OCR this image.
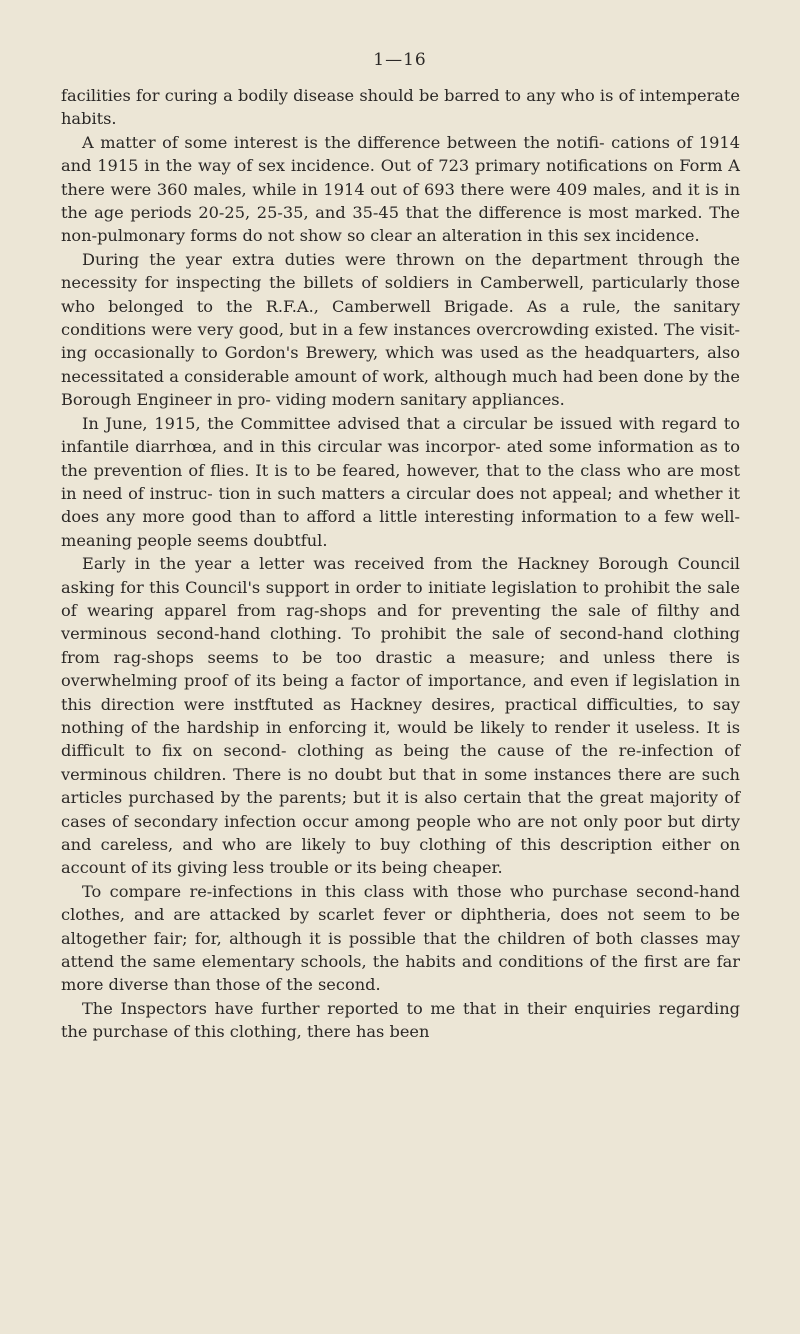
1—16

facilities for curing a bodily disease should be barred to any who is of intemperate habits.

A matter of some interest is the difference between the notifi- cations of 1914 and 1915 in the way of sex incidence. Out of 723 primary notifications on Form A there were 360 males, while in 1914 out of 693 there were 409 males, and it is in the age periods 20-25, 25-35, and 35-45 that the difference is most marked. The non-pulmonary forms do not show so clear an alteration in this sex incidence.

During the year extra duties were thrown on the department through the necessity for inspecting the billets of soldiers in Camberwell, particularly those who belonged to the R.F.A., Camberwell Brigade. As a rule, the sanitary conditions were very good, but in a few instances overcrowding existed. The visit- ing occasionally to Gordon's Brewery, which was used as the headquarters, also necessitated a considerable amount of work, although much had been done by the Borough Engineer in pro- viding modern sanitary appliances.

In June, 1915, the Committee advised that a circular be issued with regard to infantile diarrhœa, and in this circular was incorpor- ated some information as to the prevention of flies. It is to be feared, however, that to the class who are most in need of instruc- tion in such matters a circular does not appeal; and whether it does any more good than to afford a little interesting information to a few well-meaning people seems doubtful.

Early in the year a letter was received from the Hackney Borough Council asking for this Council's support in order to initiate legislation to prohibit the sale of wearing apparel from rag-shops and for preventing the sale of filthy and verminous second-hand clothing. To prohibit the sale of second-hand clothing from rag-shops seems to be too drastic a measure; and unless there is overwhelming proof of its being a factor of importance, and even if legislation in this direction were instftuted as Hackney desires, practical difficulties, to say nothing of the hardship in enforcing it, would be likely to render it useless. It is difficult to fix on second- clothing as being the cause of the re-infection of verminous children. There is no doubt but that in some instances there are such articles purchased by the parents; but it is also certain that the great majority of cases of secondary infection occur among people who are not only poor but dirty and careless, and who are likely to buy clothing of this description either on account of its giving less trouble or its being cheaper.

To compare re-infections in this class with those who purchase second-hand clothes, and are attacked by scarlet fever or diphtheria, does not seem to be altogether fair; for, although it is possible that the children of both classes may attend the same elementary schools, the habits and conditions of the first are far more diverse than those of the second.

The Inspectors have further reported to me that in their enquiries regarding the purchase of this clothing, there has been
